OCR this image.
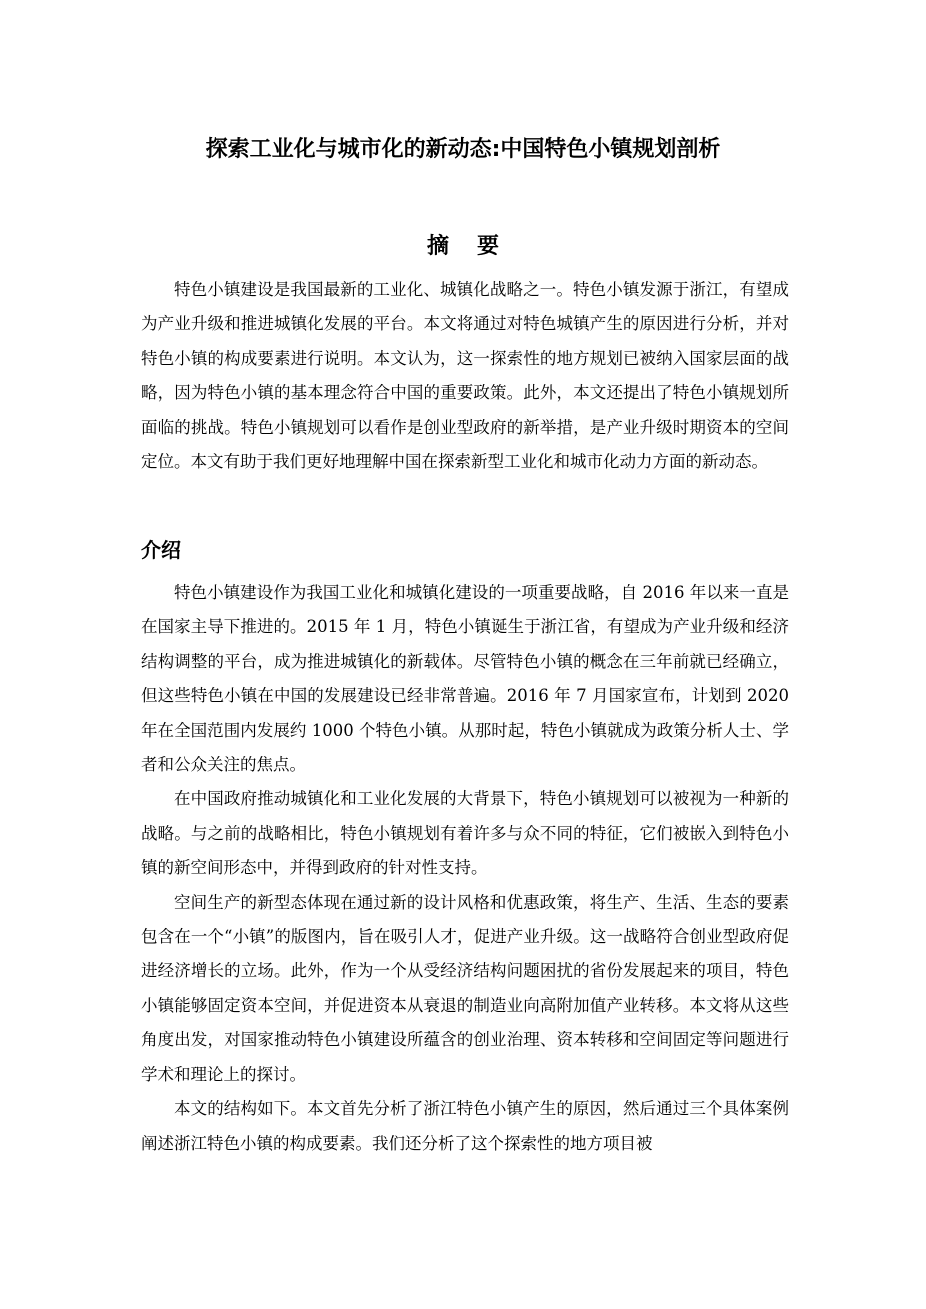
探索工业化与城市化的新动态:中国特色小镇规划剖析
摘要

特色小镇建设是我国最新的工业化、城镇化战略之一。特色小镇发源于浙江，有望成为产业升级和推进城镇化发展的平台。本文将通过对特色城镇产生的原因进行分析，并对特色小镇的构成要素进行说明。本文认为，这一探索性的地方规划已被纳入国家层面的战略，因为特色小镇的基本理念符合中国的重要政策。此外，本文还提出了特色小镇规划所面临的挑战。特色小镇规划可以看作是创业型政府的新举措，是产业升级时期资本的空间定位。本文有助于我们更好地理解中国在探索新型工业化和城市化动力方面的新动态。

介绍

特色小镇建设作为我国工业化和城镇化建设的一项重要战略，自 2016 年以来一直是在国家主导下推进的。2015 年 1 月，特色小镇诞生于浙江省，有望成为产业升级和经济结构调整的平台，成为推进城镇化的新载体。尽管特色小镇的概念在三年前就已经确立，但这些特色小镇在中国的发展建设已经非常普遍。2016 年 7 月国家宣布，计划到 2020 年在全国范围内发展约 1000 个特色小镇。从那时起，特色小镇就成为政策分析人士、学者和公众关注的焦点。

在中国政府推动城镇化和工业化发展的大背景下，特色小镇规划可以被视为一种新的战略。与之前的战略相比，特色小镇规划有着许多与众不同的特征，它们被嵌入到特色小镇的新空间形态中，并得到政府的针对性支持。

空间生产的新型态体现在通过新的设计风格和优惠政策，将生产、生活、生态的要素包含在一个“小镇”的版图内，旨在吸引人才，促进产业升级。这一战略符合创业型政府促进经济增长的立场。此外，作为一个从受经济结构问题困扰的省份发展起来的项目，特色小镇能够固定资本空间，并促进资本从衰退的制造业向高附加值产业转移。本文将从这些角度出发，对国家推动特色小镇建设所蕴含的创业治理、资本转移和空间固定等问题进行学术和理论上的探讨。

本文的结构如下。本文首先分析了浙江特色小镇产生的原因，然后通过三个具体案例阐述浙江特色小镇的构成要素。我们还分析了这个探索性的地方项目被
